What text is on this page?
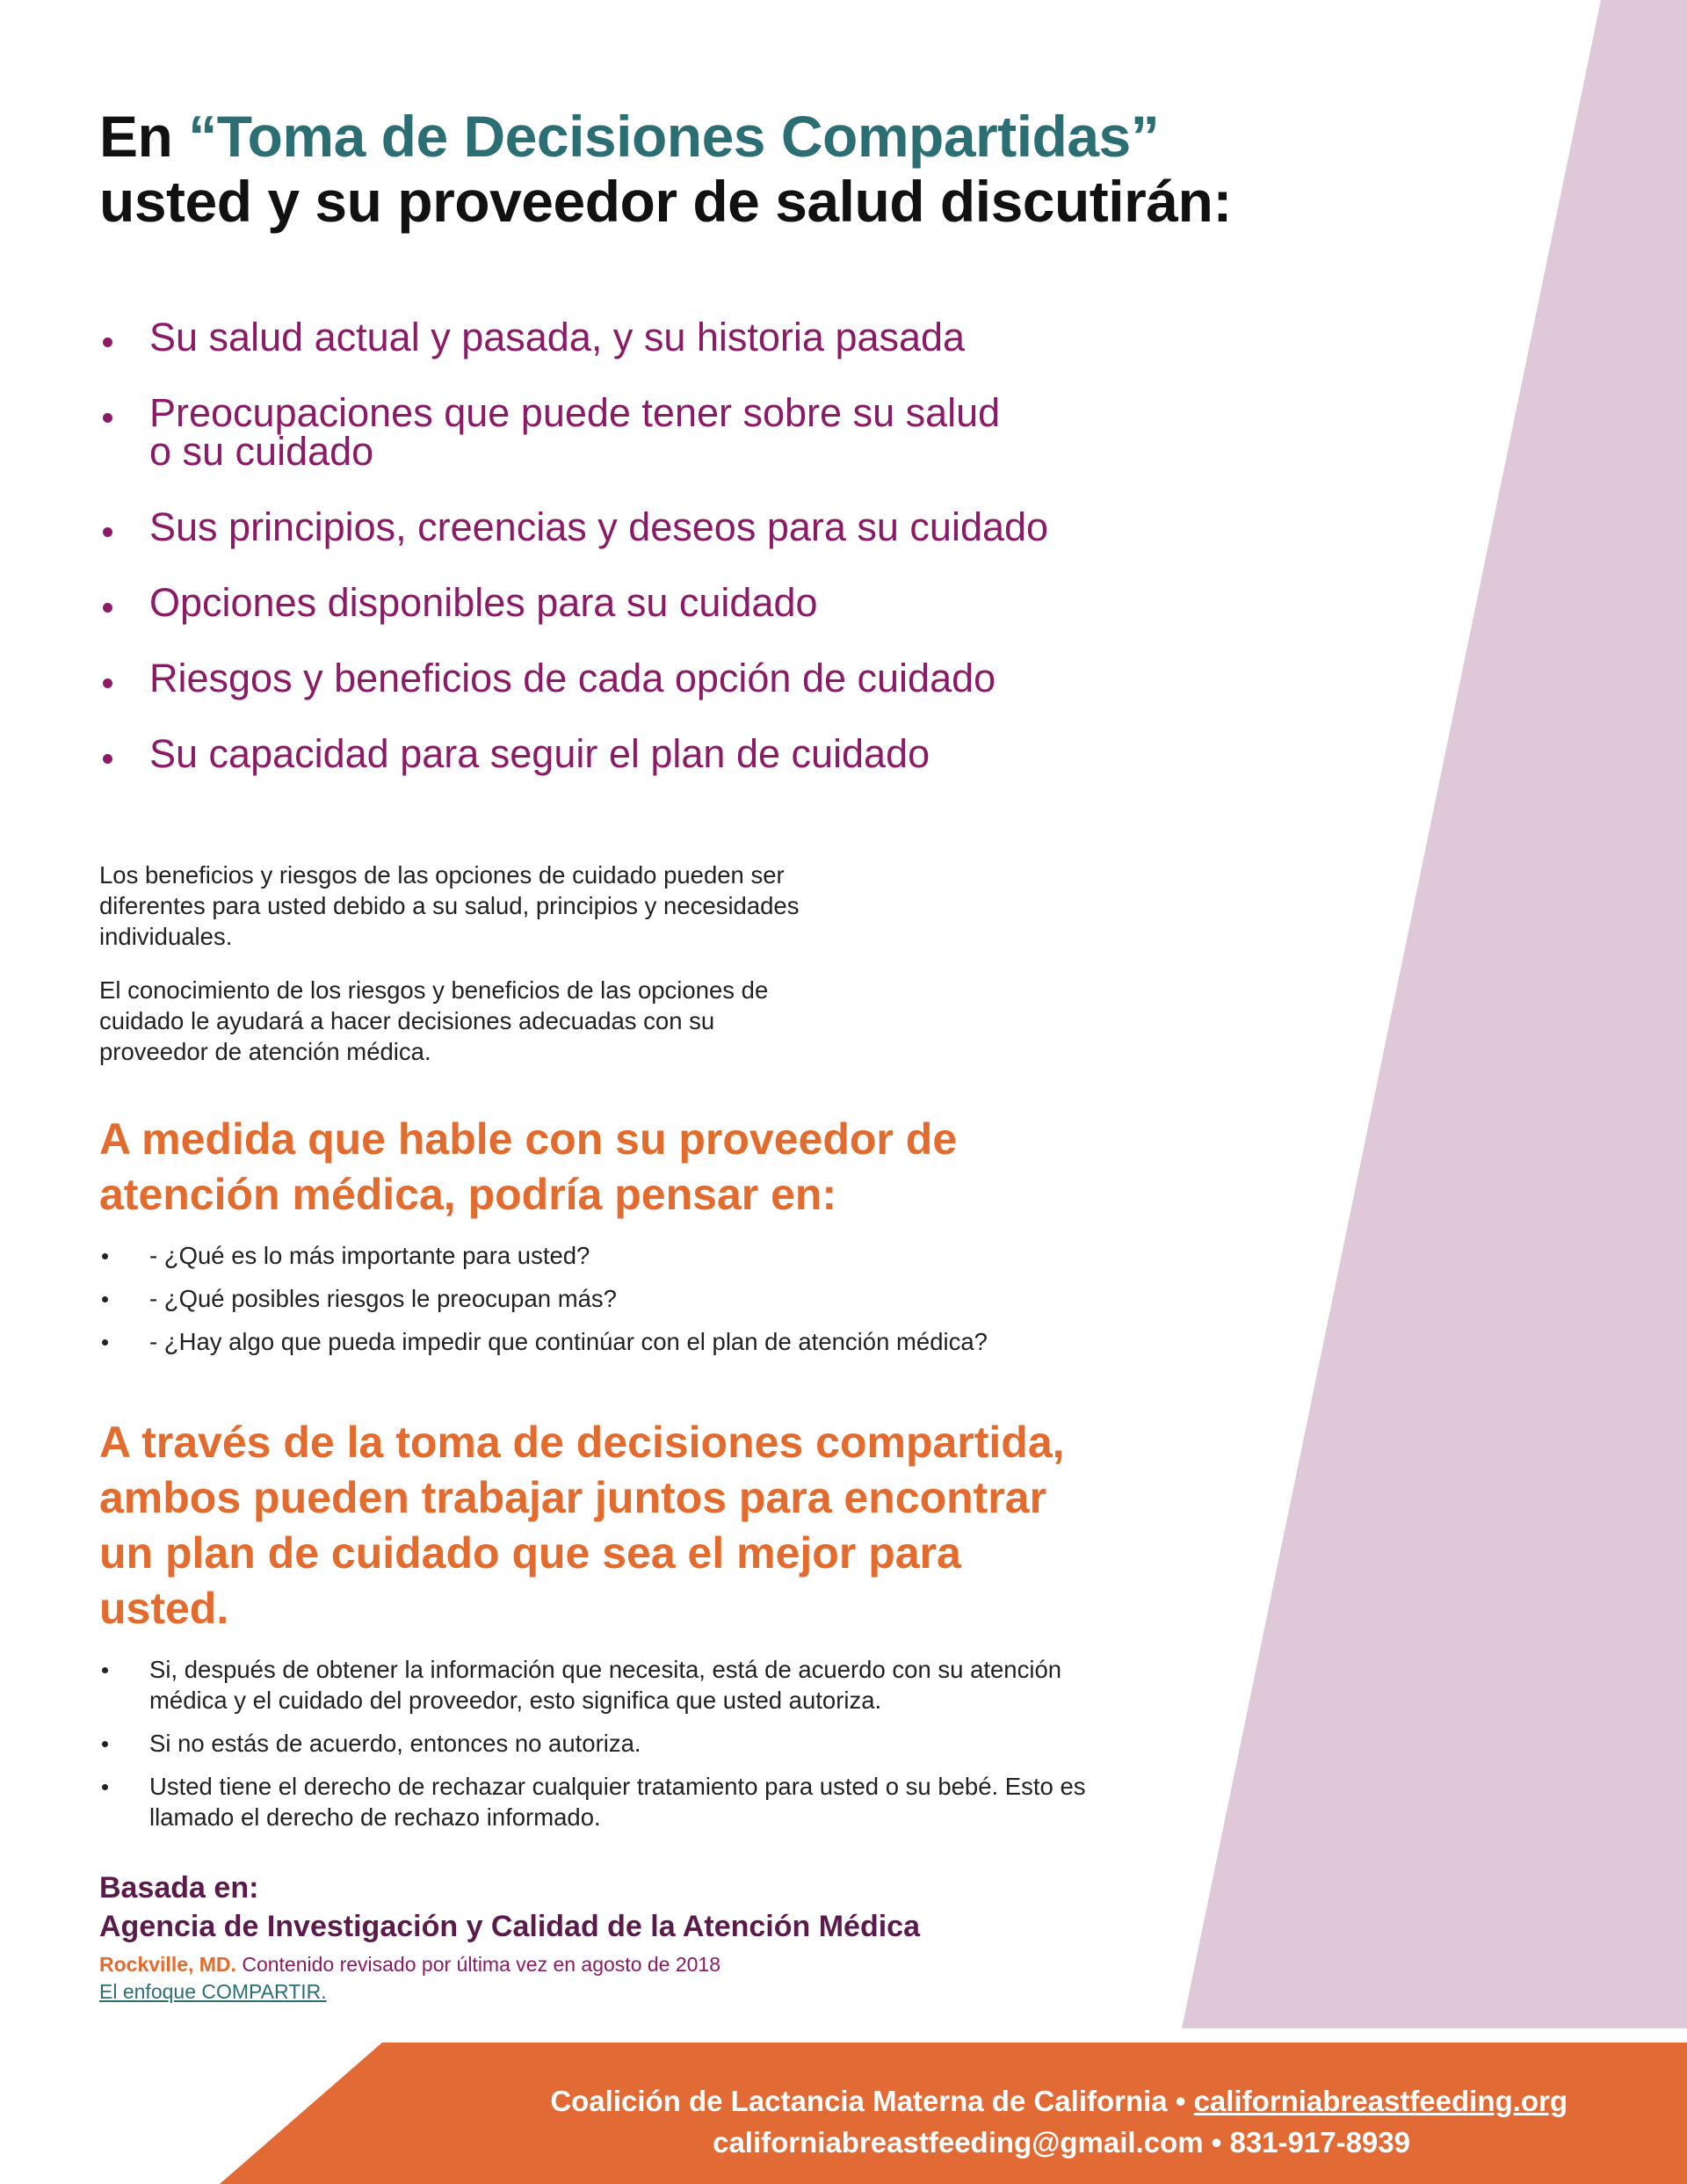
En “Toma de Decisiones Compartidas”
usted y su proveedor de salud discutirán:
Su salud actual y pasada, y su historia pasada
Preocupaciones que puede tener sobre su salud o su cuidado
Sus principios, creencias y deseos para su cuidado
Opciones disponibles para su cuidado
Riesgos y beneficios de cada opción de cuidado
Su capacidad para seguir el plan de cuidado

Los beneficios y riesgos de las opciones de cuidado pueden ser diferentes para usted debido a su salud, principios y necesidades individuales.

El conocimiento de los riesgos y beneficios de las opciones de cuidado le ayudará a hacer decisiones adecuadas con su proveedor de atención médica.

A medida que hable con su proveedor de atención médica, podría pensar en:
- ¿Qué es lo más importante para usted?
- ¿Qué posibles riesgos le preocupan más?
- ¿Hay algo que pueda impedir que continúar con el plan de atención médica?
A través de la toma de decisiones compartida, ambos pueden trabajar juntos para encontrar un plan de cuidado que sea el mejor para usted.
Si, después de obtener la información que necesita, está de acuerdo con su atención médica y el cuidado del proveedor, esto significa que usted autoriza.
Si no estás de acuerdo, entonces no autoriza.
Usted tiene el derecho de rechazar cualquier tratamiento para usted o su bebé. Esto es llamado el derecho de rechazo informado.

Basada en:

Agencia de Investigación y Calidad de la Atención Médica

Rockville, MD. Contenido revisado por última vez en agosto de 2018

El enfoque COMPARTIR.

Coalición de Lactancia Materna de California • californiabreastfeeding.org

californiabreastfeeding@gmail.com • 831-917-8939
